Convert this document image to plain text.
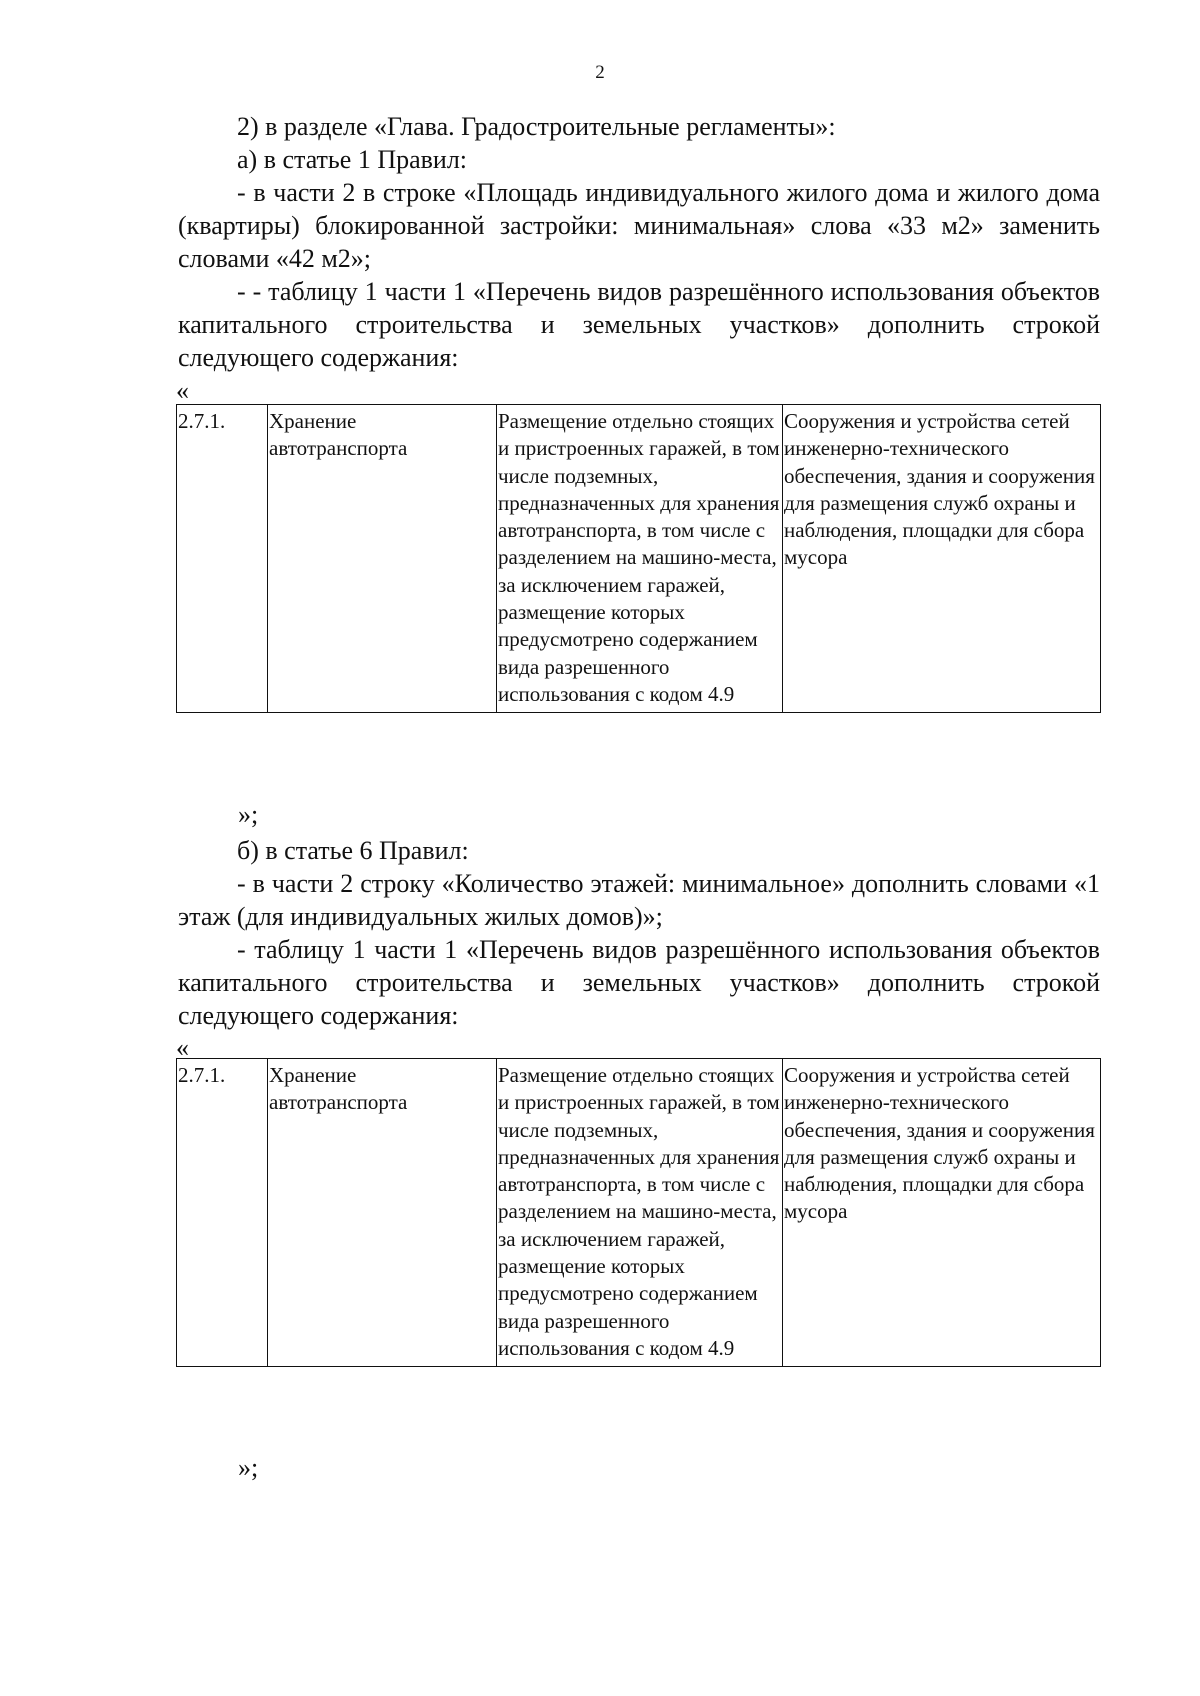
2

2) в разделе «Глава. Градостроительные регламенты»:

а) в статье 1 Правил:

- в части 2 в строке «Площадь индивидуального жилого дома и жилого дома (квартиры) блокированной застройки: минимальная» слова «33 м2» заменить словами «42 м2»;

- - таблицу 1 части 1 «Перечень видов разрешённого использования объектов капитального строительства и земельных участков» дополнить строкой следующего содержания:

«
2.7.1.	Хранение автотранспорта	Размещение отдельно стоящих и пристроенных гаражей, в том числе подземных, предназначенных для хранения автотранспорта, в том числе с разделением на машино-места, за исключением гаражей, размещение которых предусмотрено содержанием вида разрешенного использования с кодом 4.9	Сооружения и устройства сетей инженерно-технического обеспечения, здания и сооружения для размещения служб охраны и наблюдения, площадки для сбора мусора
»;

б) в статье 6 Правил:

- в части 2 строку «Количество этажей: минимальное» дополнить словами «1 этаж (для индивидуальных жилых домов)»;

- таблицу 1 части 1 «Перечень видов разрешённого использования объектов капитального строительства и земельных участков» дополнить строкой следующего содержания:

«
2.7.1.	Хранение автотранспорта	Размещение отдельно стоящих и пристроенных гаражей, в том числе подземных, предназначенных для хранения автотранспорта, в том числе с разделением на машино-места, за исключением гаражей, размещение которых предусмотрено содержанием вида разрешенного использования с кодом 4.9	Сооружения и устройства сетей инженерно-технического обеспечения, здания и сооружения для размещения служб охраны и наблюдения, площадки для сбора мусора
»;
